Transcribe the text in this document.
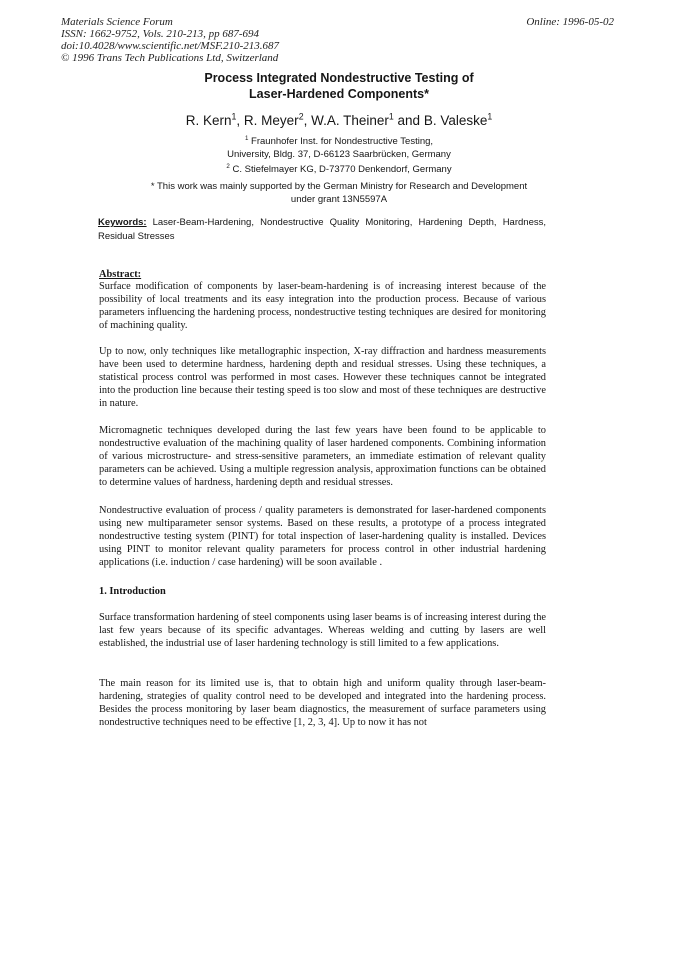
Materials Science Forum
ISSN: 1662-9752, Vols. 210-213, pp 687-694
doi:10.4028/www.scientific.net/MSF.210-213.687
© 1996 Trans Tech Publications Ltd, Switzerland
Online: 1996-05-02
Process Integrated Nondestructive Testing of
Laser-Hardened Components*
R. Kern$^1$, R. Meyer$^2$, W.A. Theiner$^1$ and B. Valeske$^1$
$^1$ Fraunhofer Inst. for Nondestructive Testing,
University, Bldg. 37, D-66123 Saarbrücken, Germany
$^2$ C. Stiefelmayer KG, D-73770 Denkendorf, Germany
* This work was mainly supported by the German Ministry for Research and Development
under grant 13N5597A
Keywords: Laser-Beam-Hardening, Nondestructive Quality Monitoring, Hardening Depth, Hardness, Residual Stresses
Abstract:
Surface modification of components by laser-beam-hardening is of increasing interest because of the possibility of local treatments and its easy integration into the production process. Because of various parameters influencing the hardening process, nondestructive testing techniques are desired for monitoring of machining quality.
Up to now, only techniques like metallographic inspection, X-ray diffraction and hardness measurements have been used to determine hardness, hardening depth and residual stresses. Using these techniques, a statistical process control was performed in most cases. However these techniques cannot be integrated into the production line because their testing speed is too slow and most of these techniques are destructive in nature.
Micromagnetic techniques developed during the last few years have been found to be applicable to nondestructive evaluation of the machining quality of laser hardened components. Combining information of various microstructure- and stress-sensitive parameters, an immediate estimation of relevant quality parameters can be achieved. Using a multiple regression analysis, approximation functions can be obtained to determine values of hardness, hardening depth and residual stresses.
Nondestructive evaluation of process / quality parameters is demonstrated for laser-hardened components using new multiparameter sensor systems. Based on these results, a prototype of a process integrated nondestructive testing system (PINT) for total inspection of laser-hardening quality is installed. Devices using PINT to monitor relevant quality parameters for process control in other industrial hardening applications (i.e. induction / case hardening) will be soon available .
1. Introduction
Surface transformation hardening of steel components using laser beams is of increasing interest during the last few years because of its specific advantages. Whereas welding and cutting by lasers are well established, the industrial use of laser hardening technology is still limited to a few applications.
The main reason for its limited use is, that to obtain high and uniform quality through laser-beam-hardening, strategies of quality control need to be developed and integrated into the hardening process. Besides the process monitoring by laser beam diagnostics, the measurement of surface parameters using nondestructive techniques need to be effective [1, 2, 3, 4]. Up to now it has not
